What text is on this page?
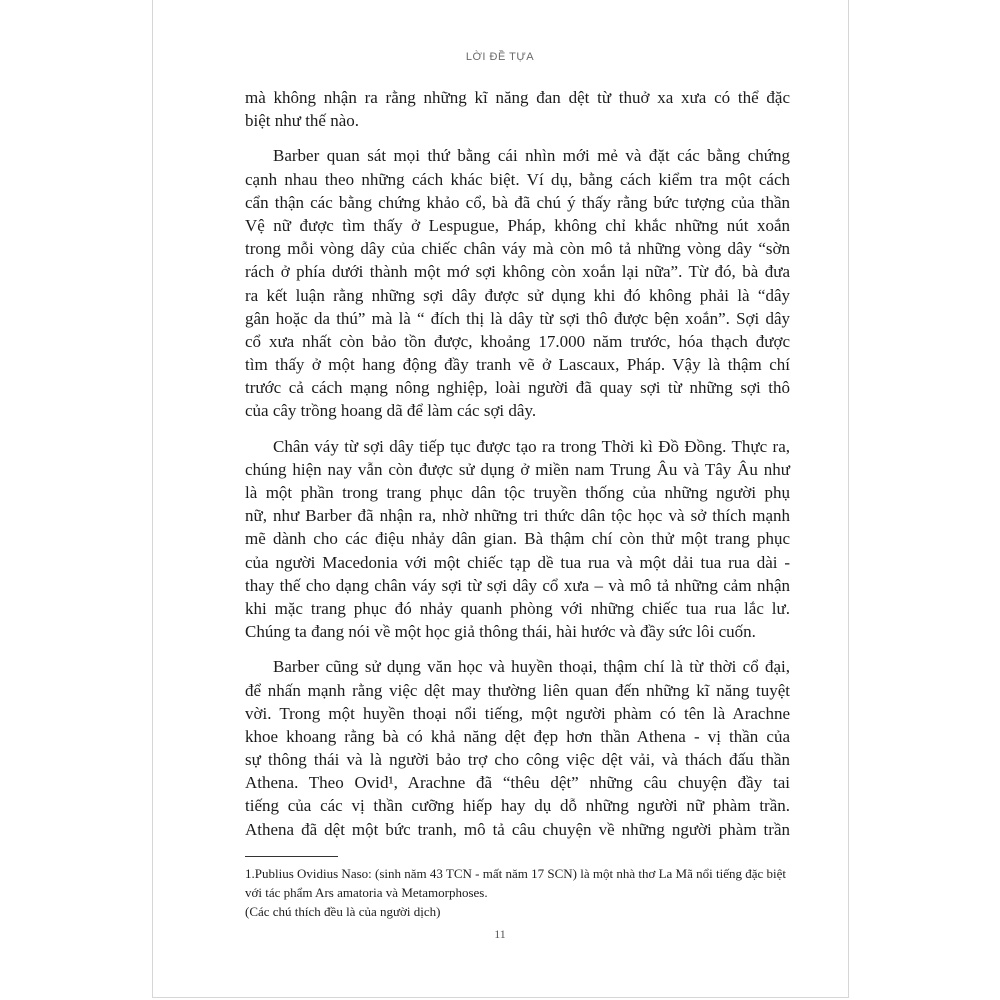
LỜI ĐỀ TỰA
mà không nhận ra rằng những kĩ năng đan dệt từ thuở xa xưa có thể đặc
biệt như thế nào.
Barber quan sát mọi thứ bằng cái nhìn mới mẻ và đặt các bằng chứng
cạnh nhau theo những cách khác biệt. Ví dụ, bằng cách kiểm tra một cách
cẩn thận các bằng chứng khảo cổ, bà đã chú ý thấy rằng bức tượng của thần
Vệ nữ được tìm thấy ở Lespugue, Pháp, không chỉ khắc những nút xoắn
trong mỗi vòng dây của chiếc chân váy mà còn mô tả những vòng dây “sờn
rách ở phía dưới thành một mớ sợi không còn xoắn lại nữa”. Từ đó, bà đưa
ra kết luận rằng những sợi dây được sử dụng khi đó không phải là “dây
gân hoặc da thú” mà là “ đích thị là dây từ sợi thô được bện xoắn”. Sợi dây
cổ xưa nhất còn bảo tồn được, khoảng 17.000 năm trước, hóa thạch được
tìm thấy ở một hang động đầy tranh vẽ ở Lascaux, Pháp. Vậy là thậm chí
trước cả cách mạng nông nghiệp, loài người đã quay sợi từ những sợi thô
của cây trồng hoang dã để làm các sợi dây.
Chân váy từ sợi dây tiếp tục được tạo ra trong Thời kì Đồ Đồng. Thực ra,
chúng hiện nay vẫn còn được sử dụng ở miền nam Trung Âu và Tây Âu như
là một phần trong trang phục dân tộc truyền thống của những người phụ
nữ, như Barber đã nhận ra, nhờ những tri thức dân tộc học và sở thích mạnh
mẽ dành cho các điệu nhảy dân gian. Bà thậm chí còn thử một trang phục
của người Macedonia với một chiếc tạp dề tua rua và một dải tua rua dài -
thay thế cho dạng chân váy sợi từ sợi dây cổ xưa – và mô tả những cảm nhận
khi mặc trang phục đó nhảy quanh phòng với những chiếc tua rua lắc lư.
Chúng ta đang nói về một học giả thông thái, hài hước và đầy sức lôi cuốn.
Barber cũng sử dụng văn học và huyền thoại, thậm chí là từ thời cổ đại,
để nhấn mạnh rằng việc dệt may thường liên quan đến những kĩ năng tuyệt
vời. Trong một huyền thoại nổi tiếng, một người phàm có tên là Arachne
khoe khoang rằng bà có khả năng dệt đẹp hơn thần Athena - vị thần của
sự thông thái và là người bảo trợ cho công việc dệt vải, và thách đấu thần
Athena. Theo Ovid¹, Arachne đã “thêu dệt” những câu chuyện đầy tai
tiếng của các vị thần cưỡng hiếp hay dụ dỗ những người nữ phàm trần.
Athena đã dệt một bức tranh, mô tả câu chuyện về những người phàm trần
1.Publius Ovidius Naso: (sinh năm 43 TCN - mất năm 17 SCN) là một nhà thơ La Mã nổi tiếng đặc biệt
với tác phẩm Ars amatoria và Metamorphoses.
(Các chú thích đều là của người dịch)
11
